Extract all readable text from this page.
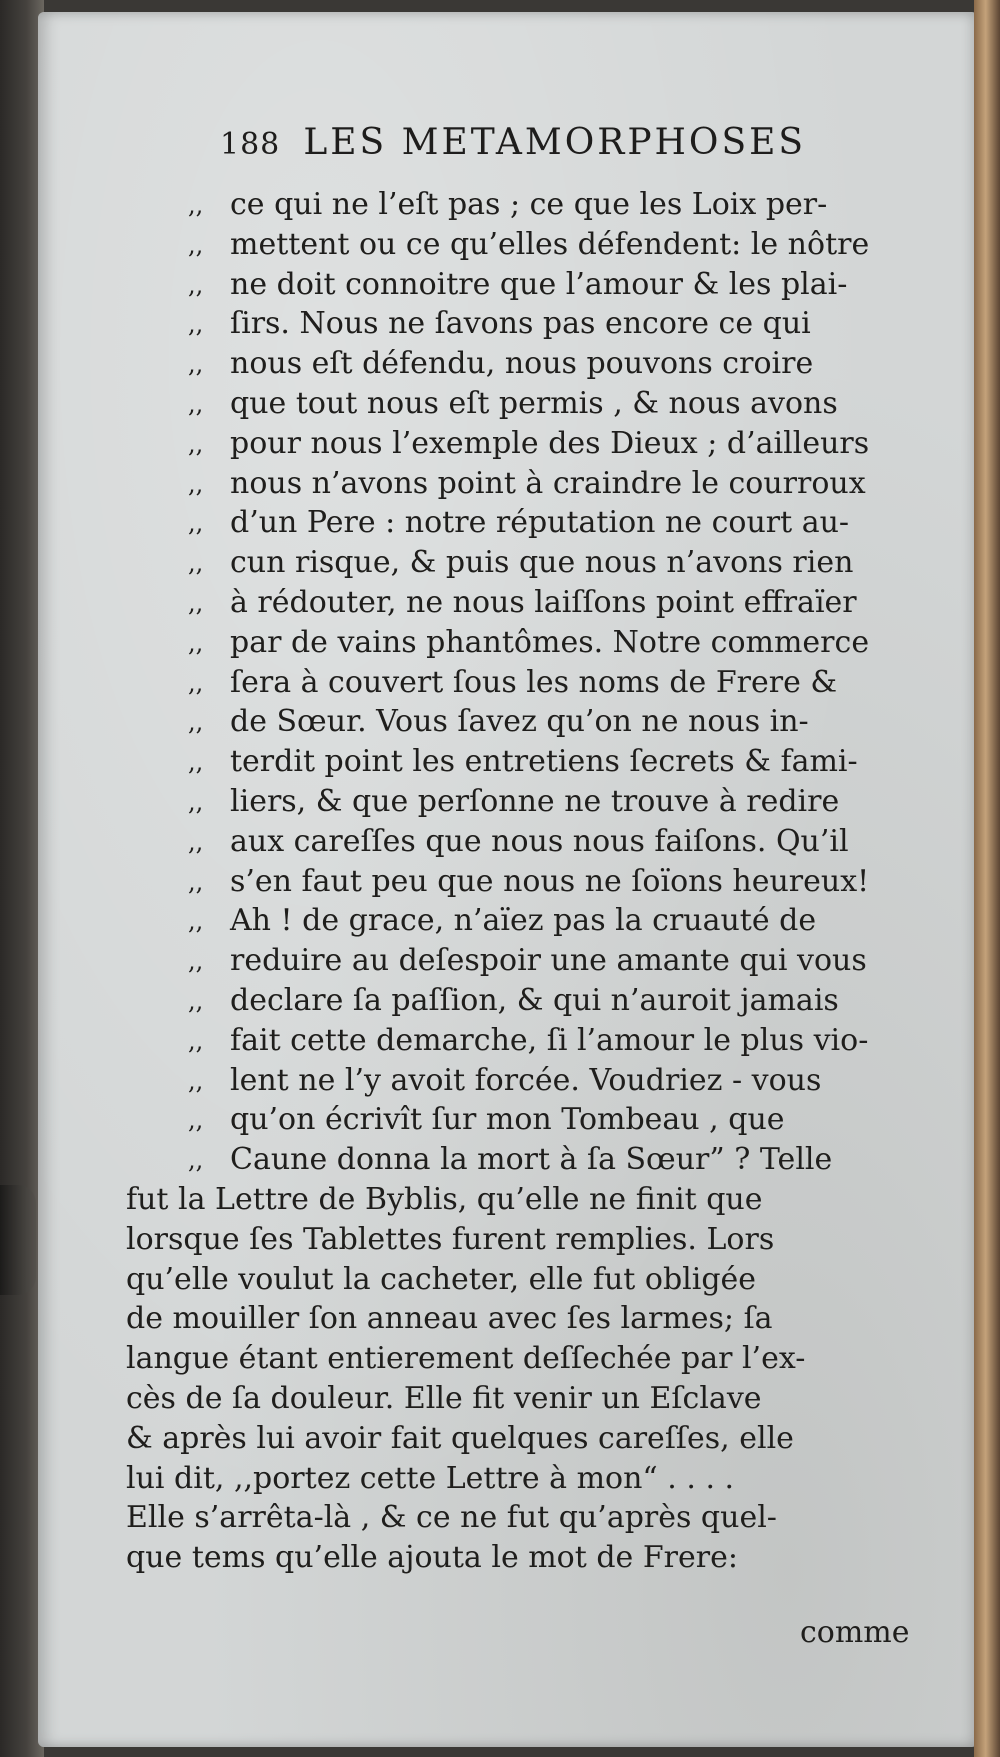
188 LES METAMORPHOSES
,, ce qui ne l’eſt pas ; ce que les Loix per-
,, mettent ou ce qu’elles défendent: le nôtre
,, ne doit connoitre que l’amour & les plai-
,, ſirs. Nous ne ſavons pas encore ce qui
,, nous eſt défendu, nous pouvons croire
,, que tout nous eſt permis , & nous avons
,, pour nous l’exemple des Dieux ; d’ailleurs
,, nous n’avons point à craindre le courroux
,, d’un Pere : notre réputation ne court au-
,, cun risque, & puis que nous n’avons rien
,, à rédouter, ne nous laiſſons point effraïer
,, par de vains phantômes. Notre commerce
,, ſera à couvert ſous les noms de Frere &
,, de Sœur. Vous ſavez qu’on ne nous in-
,, terdit point les entretiens ſecrets & fami-
,, liers, & que perſonne ne trouve à redire
,, aux careſſes que nous nous faiſons. Qu’il
,, s’en faut peu que nous ne ſoïons heureux!
,, Ah ! de grace, n’aïez pas la cruauté de
,, reduire au deſespoir une amante qui vous
,, declare ſa paſſion, & qui n’auroit jamais
,, fait cette demarche, ſi l’amour le plus vio-
,, lent ne l’y avoit forcée. Voudriez - vous
,, qu’on écrivît ſur mon Tombeau , que
,, Caune donna la mort à ſa Sœur” ? Telle
fut la Lettre de Byblis, qu’elle ne finit que
lorsque ſes Tablettes furent remplies. Lors
qu’elle voulut la cacheter, elle fut obligée
de mouiller ſon anneau avec ſes larmes; ſa
langue étant entierement deſſechée par l’ex-
cès de ſa douleur. Elle fit venir un Eſclave
& après lui avoir fait quelques careſſes, elle
lui dit, ,,portez cette Lettre à mon“ . . . .
Elle s’arrêta-là , & ce ne fut qu’après quel-
que tems qu’elle ajouta le mot de Frere:
comme
